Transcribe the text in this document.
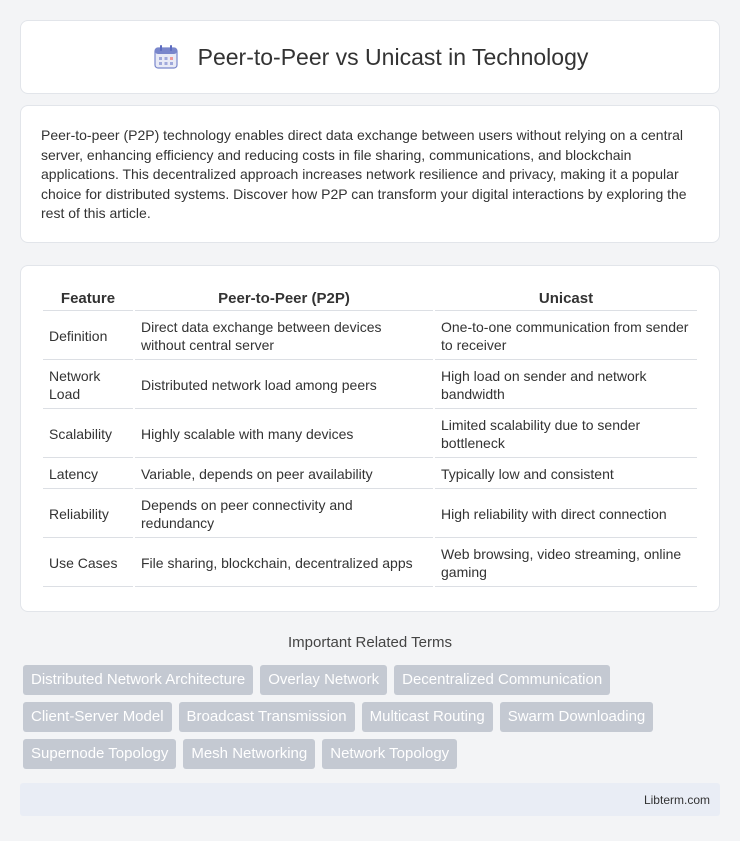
Peer-to-Peer vs Unicast in Technology

Peer-to-peer (P2P) technology enables direct data exchange between users without relying on a central server, enhancing efficiency and reducing costs in file sharing, communications, and blockchain applications. This decentralized approach increases network resilience and privacy, making it a popular choice for distributed systems. Discover how P2P can transform your digital interactions by exploring the rest of this article.

Feature	Peer-to-Peer (P2P)	Unicast
Definition	Direct data exchange between devices without central server	One-to-one communication from sender to receiver
Network Load	Distributed network load among peers	High load on sender and network bandwidth
Scalability	Highly scalable with many devices	Limited scalability due to sender bottleneck
Latency	Variable, depends on peer availability	Typically low and consistent
Reliability	Depends on peer connectivity and redundancy	High reliability with direct connection
Use Cases	File sharing, blockchain, decentralized apps	Web browsing, video streaming, online gaming
Important Related Terms
Distributed Network Architecture	Overlay Network	Decentralized Communication
Client-Server Model	Broadcast Transmission	Multicast Routing	Swarm Downloading
Supernode Topology	Mesh Networking	Network Topology
Libterm.com
